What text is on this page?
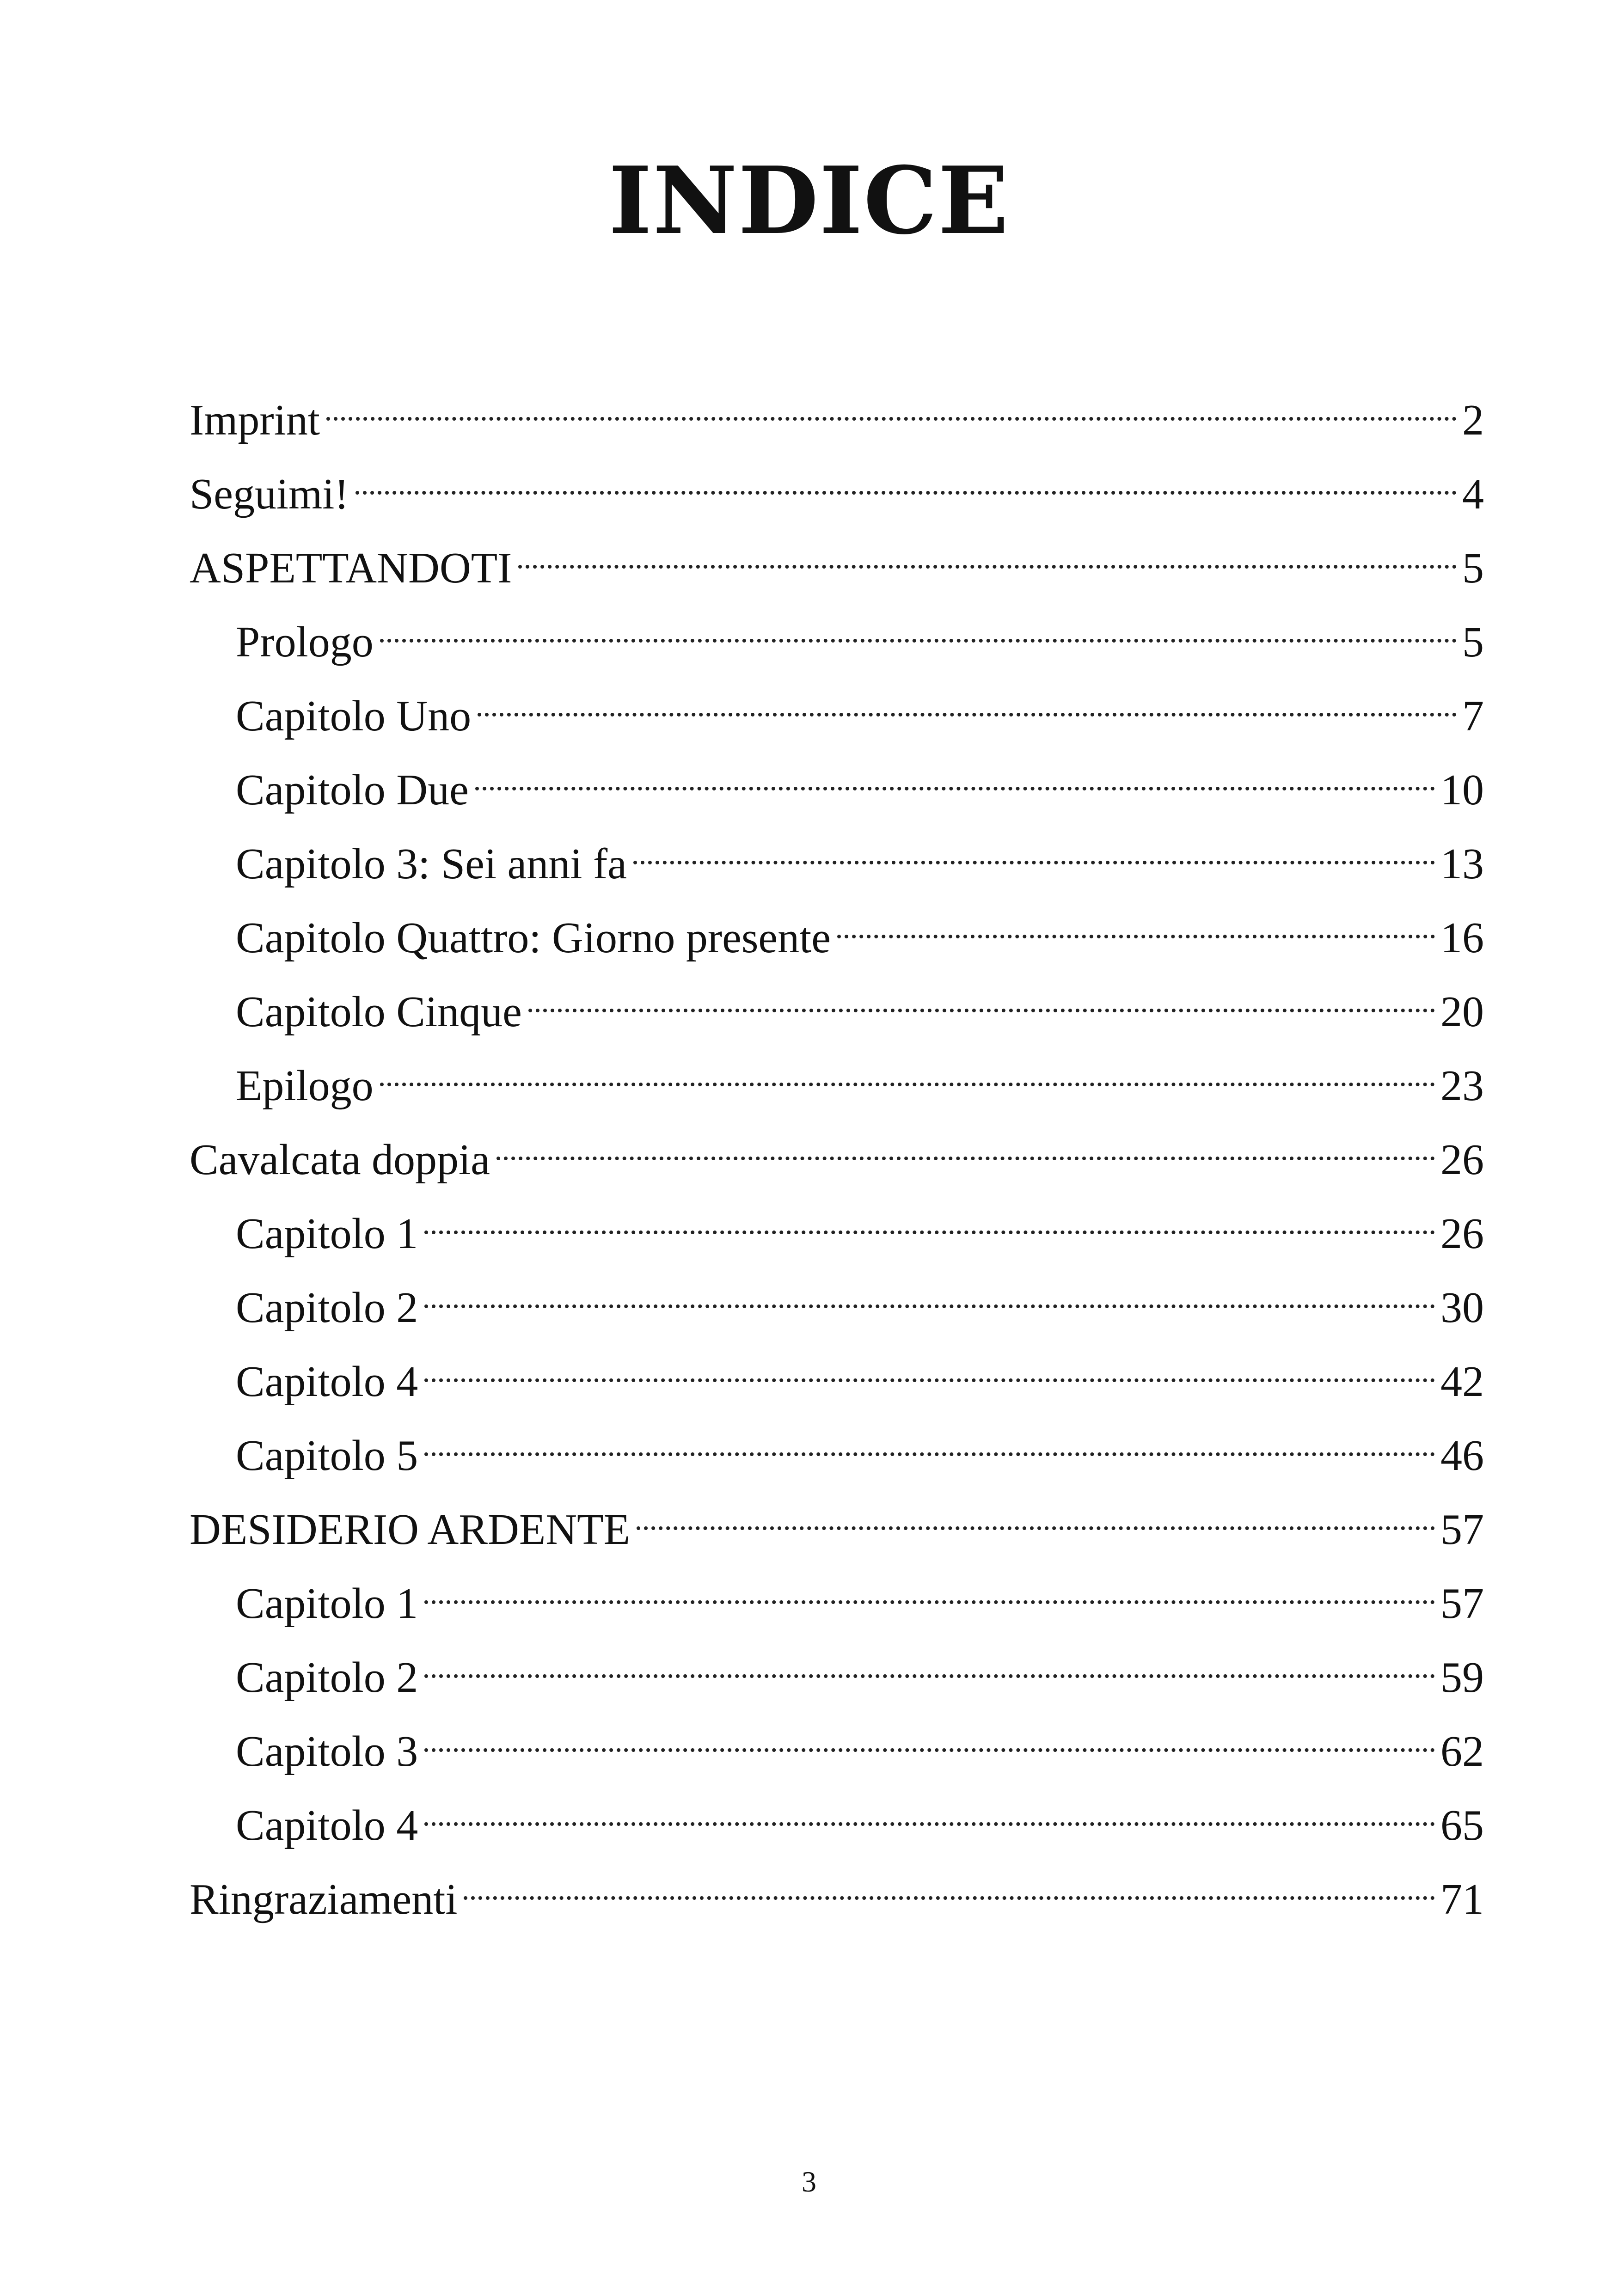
INDICE
Imprint	2
Seguimi!	4
ASPETTANDOTI	5
Prologo	5
Capitolo Uno	7
Capitolo Due	10
Capitolo 3: Sei anni fa	13
Capitolo Quattro: Giorno presente	16
Capitolo Cinque	20
Epilogo	23
Cavalcata doppia	26
Capitolo 1	26
Capitolo 2	30
Capitolo 4	42
Capitolo 5	46
DESIDERIO ARDENTE	57
Capitolo 1	57
Capitolo 2	59
Capitolo 3	62
Capitolo 4	65
Ringraziamenti	71
3
